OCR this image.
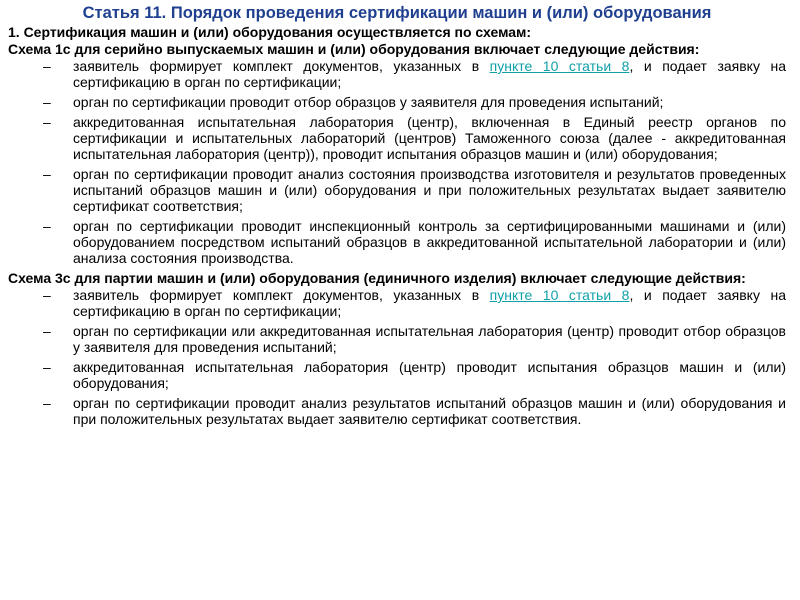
Статья 11. Порядок проведения сертификации машин и (или) оборудования

1. Сертификация машин и (или) оборудования осуществляется по схемам:

Схема 1с для серийно выпускаемых машин и (или) оборудования включает следующие действия:

– заявитель формирует комплект документов, указанных в пункте 10 статьи 8, и подает заявку на сертификацию в орган по сертификации;
– орган по сертификации проводит отбор образцов у заявителя для проведения испытаний;
– аккредитованная испытательная лаборатория (центр), включенная в Единый реестр органов по сертификации и испытательных лабораторий (центров) Таможенного союза (далее - аккредитованная испытательная лаборатория (центр)), проводит испытания образцов машин и (или) оборудования;
– орган по сертификации проводит анализ состояния производства изготовителя и результатов проведенных испытаний образцов машин и (или) оборудования и при положительных результатах выдает заявителю сертификат соответствия;
– орган по сертификации проводит инспекционный контроль за сертифицированными машинами и (или) оборудованием посредством испытаний образцов в аккредитованной испытательной лаборатории и (или) анализа состояния производства.

Схема 3с для партии машин и (или) оборудования (единичного изделия) включает следующие действия:

– заявитель формирует комплект документов, указанных в пункте 10 статьи 8, и подает заявку на сертификацию в орган по сертификации;
– орган по сертификации или аккредитованная испытательная лаборатория (центр) проводит отбор образцов у заявителя для проведения испытаний;
– аккредитованная испытательная лаборатория (центр) проводит испытания образцов машин и (или) оборудования;
– орган по сертификации проводит анализ результатов испытаний образцов машин и (или) оборудования и при положительных результатах выдает заявителю сертификат соответствия.
